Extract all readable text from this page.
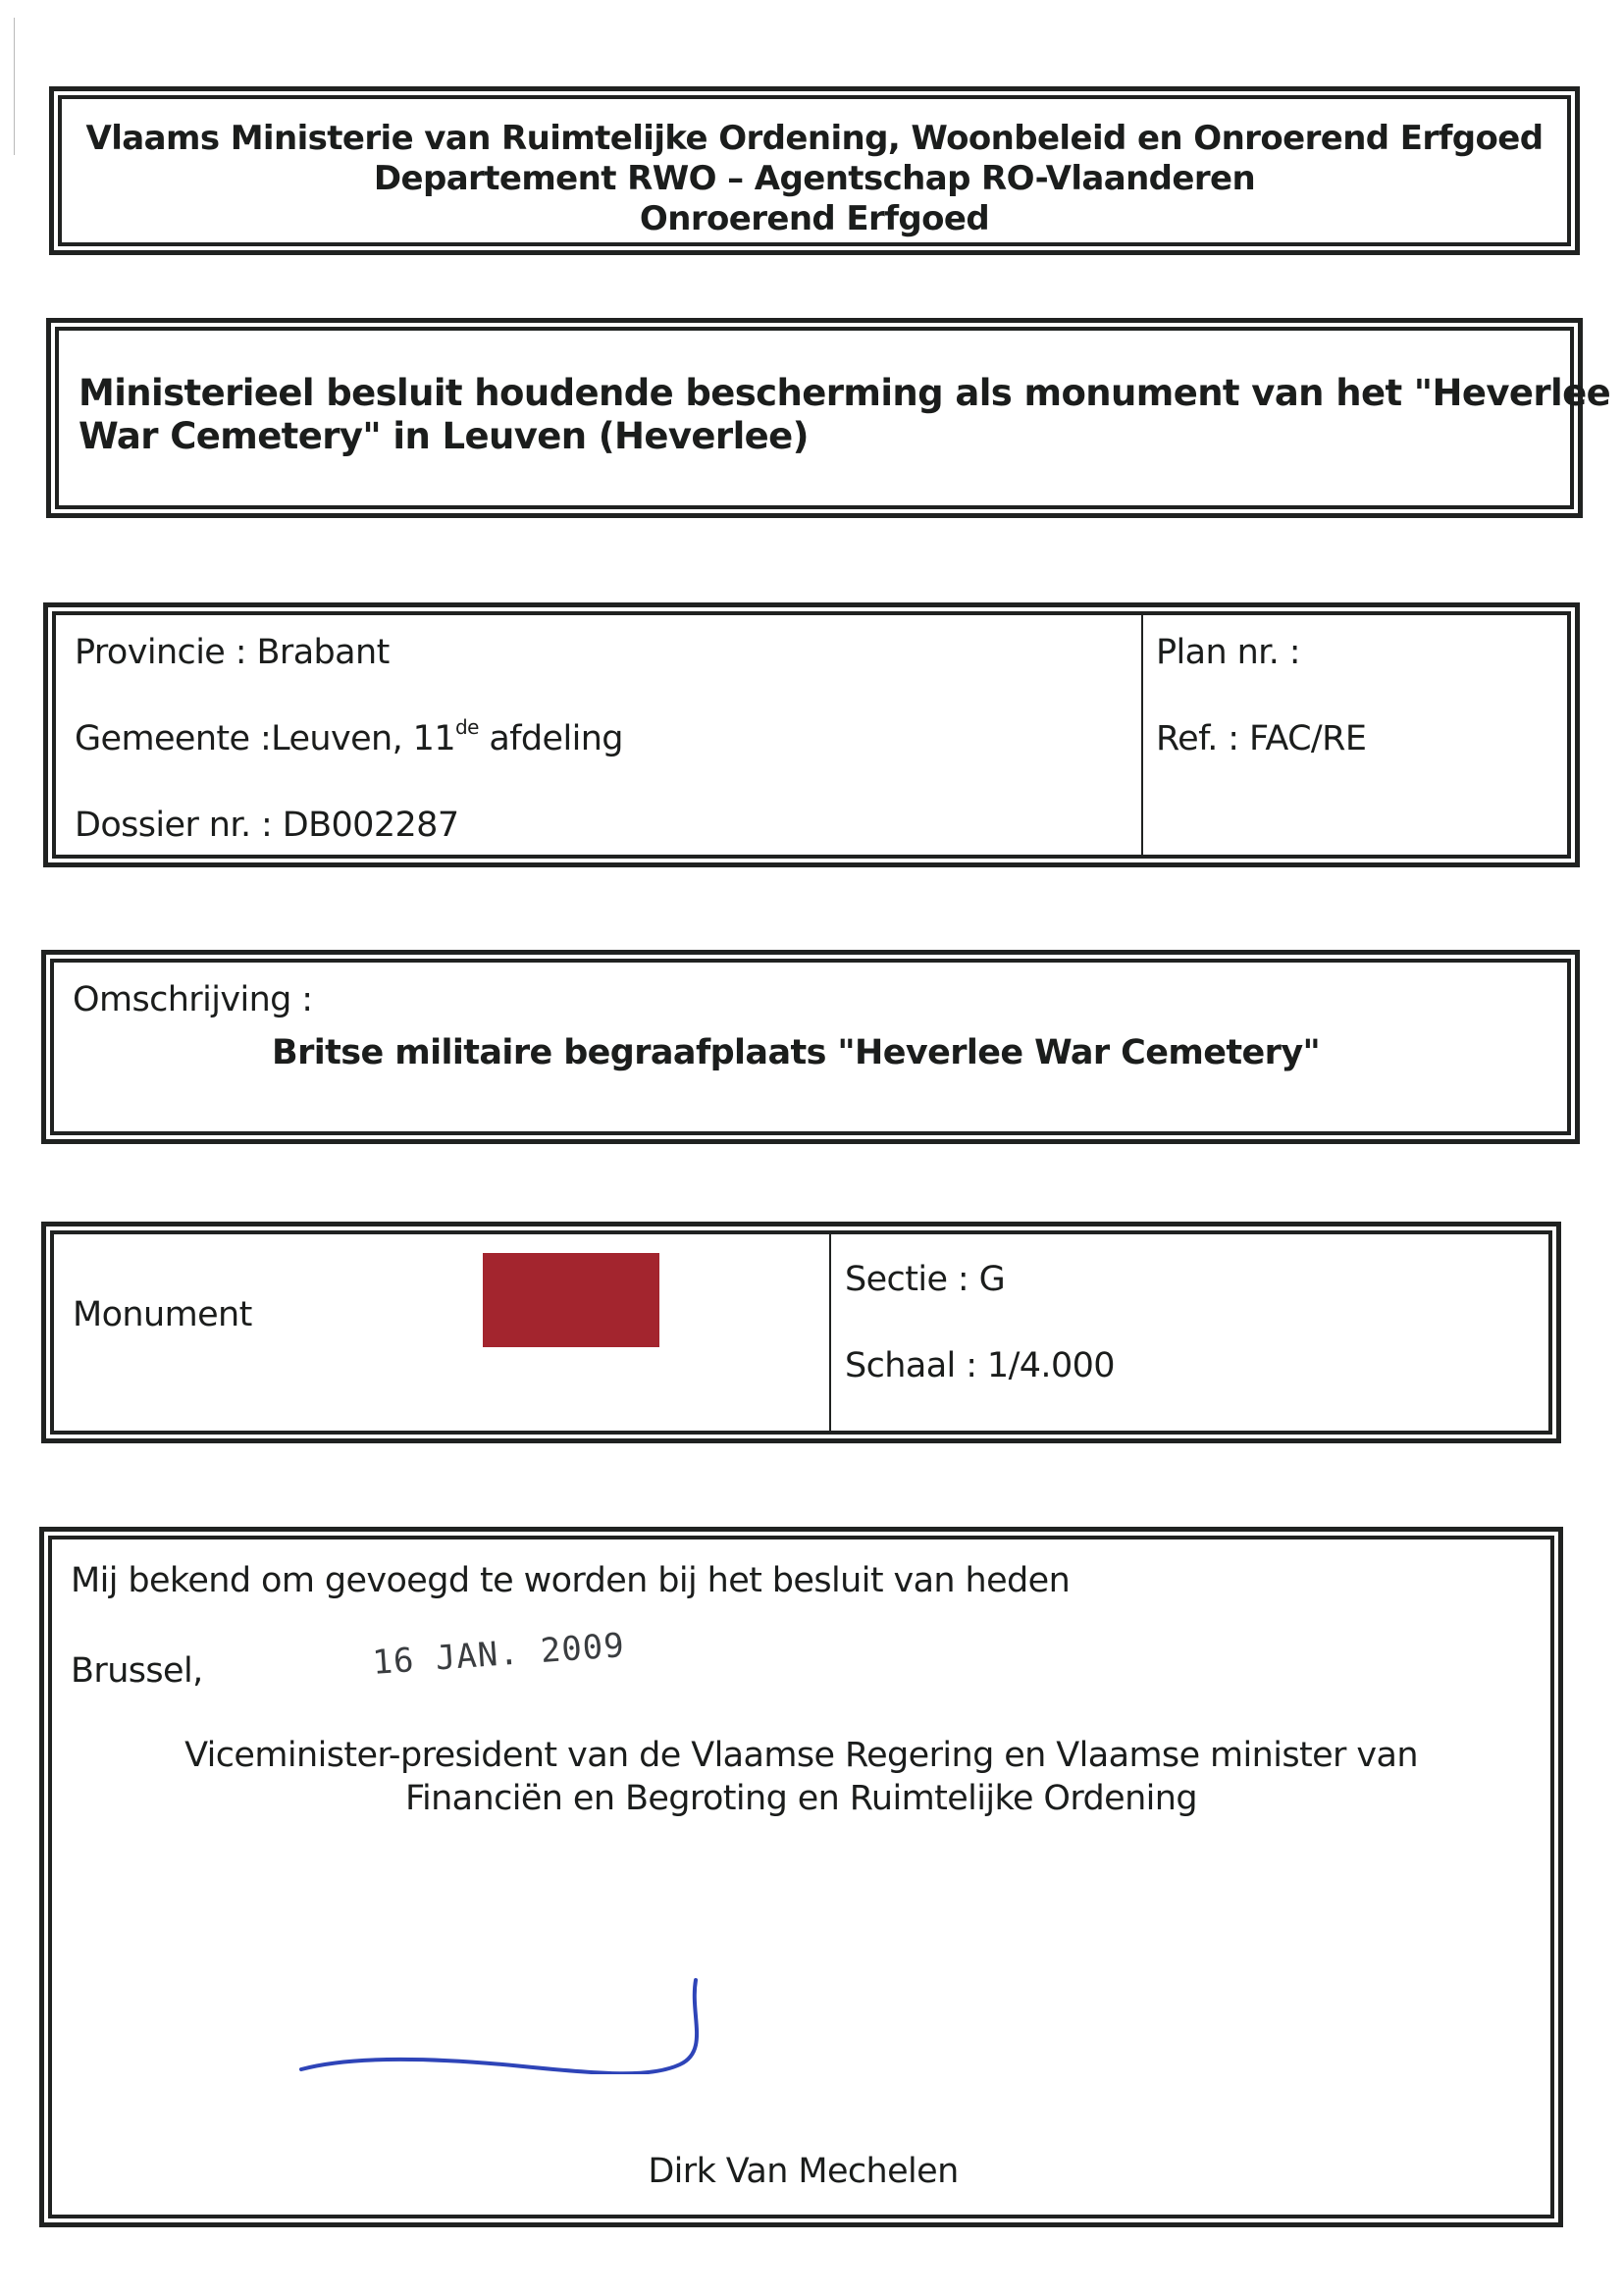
Vlaams Ministerie van Ruimtelijke Ordening, Woonbeleid en Onroerend Erfgoed
Departement RWO – Agentschap RO-Vlaanderen
Onroerend Erfgoed
Ministerieel besluit houdende bescherming als monument van het "Heverlee
War Cemetery" in Leuven (Heverlee)
Provincie : Brabant
Gemeente :Leuven, 11de afdeling
Dossier nr. : DB002287
Plan nr. :
Ref. : FAC/RE
Omschrijving :
Britse militaire begraafplaats "Heverlee War Cemetery"
Monument
Sectie : G
Schaal : 1/4.000
Mij bekend om gevoegd te worden bij het besluit van heden
Brussel,	16 JAN. 2009
Viceminister-president van de Vlaamse Regering en Vlaamse minister van
Financiën en Begroting en Ruimtelijke Ordening
Dirk Van Mechelen
